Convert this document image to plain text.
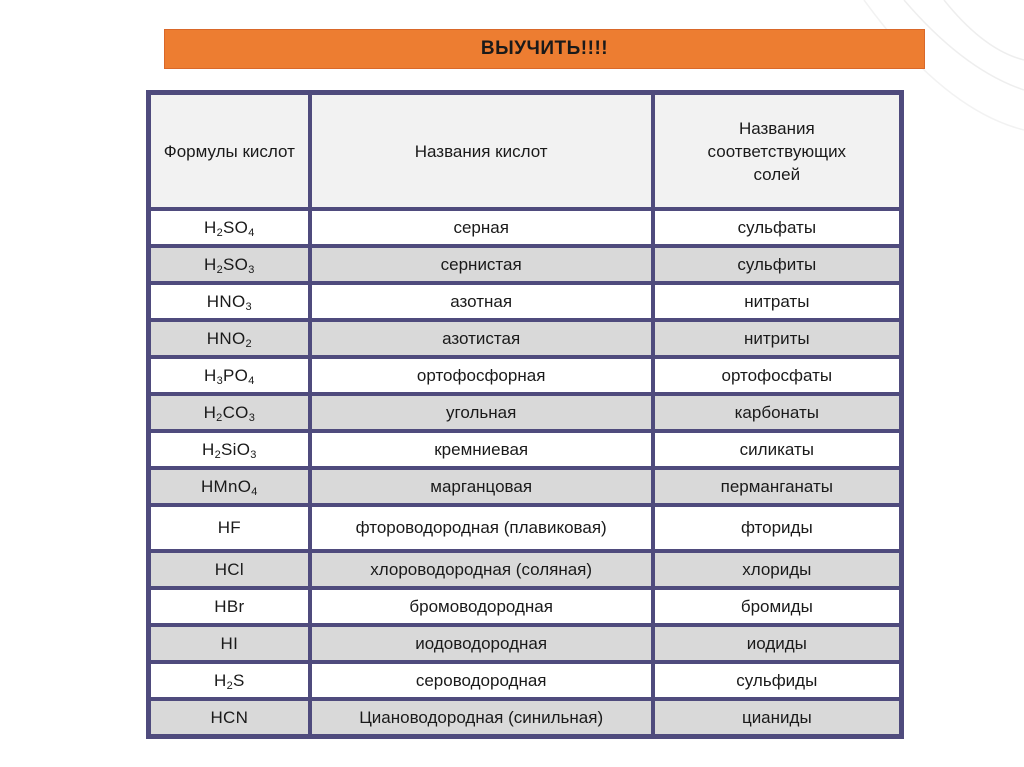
ВЫУЧИТЬ!!!!
Формулы кислот	Названия кислот	Названия соответствующих солей
$H_2SO_4$	серная	сульфаты
$H_2SO_3$	сернистая	сульфиты
$HNO_3$	азотная	нитраты
$HNO_2$	азотистая	нитриты
$H_3PO_4$	ортофосфорная	ортофосфаты
$H_2CO_3$	угольная	карбонаты
$H_2SiO_3$	кремниевая	силикаты
HMnO$_4$	марганцовая	перманганаты
HF	фтороводородная (плавиковая)	фториды
HCl	хлороводородная (соляная)	хлориды
HBr	бромоводородная	бромиды
HI	иодоводородная	иодиды
$H_2S$	сероводородная	сульфиды
HCN	Циановодородная (синильная)	цианиды
